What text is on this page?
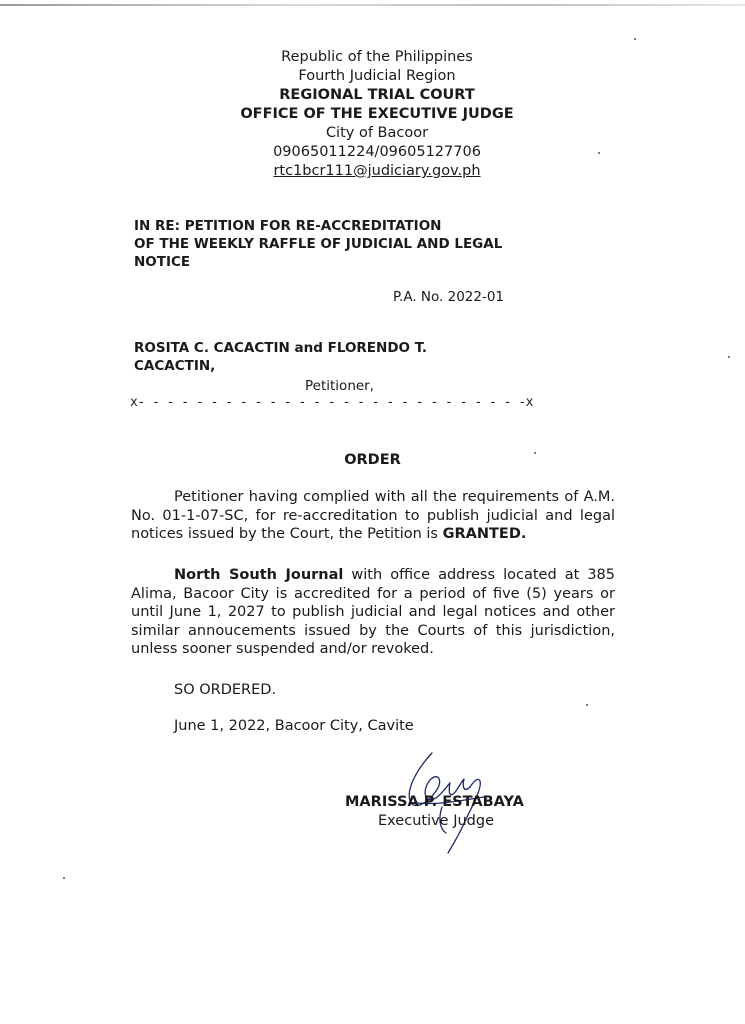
Republic of the Philippines
Fourth Judicial Region
REGIONAL TRIAL COURT
OFFICE OF THE EXECUTIVE JUDGE
City of Bacoor
09065011224/09605127706
rtc1bcr111@judiciary.gov.ph
IN RE: PETITION FOR RE-ACCREDITATION
OF THE WEEKLY RAFFLE OF JUDICIAL AND LEGAL
NOTICE
P.A. No. 2022-01
ROSITA C. CACACTIN and FLORENDO T.
CACACTIN,
Petitioner,
x- - - - - - - - - - - - - - - - - - - - - - - - - - -x
ORDER
Petitioner having complied with all the requirements of A.M. No. 01-1-07-SC, for re-accreditation to publish judicial and legal notices issued by the Court, the Petition is GRANTED.
North South Journal with office address located at 385 Alima, Bacoor City is accredited for a period of five (5) years or until June 1, 2027 to publish judicial and legal notices and other similar annoucements issued by the Courts of this jurisdiction, unless sooner suspended and/or revoked.
SO ORDERED.
June 1, 2022, Bacoor City, Cavite
MARISSA P. ESTABAYA
Executive Judge
